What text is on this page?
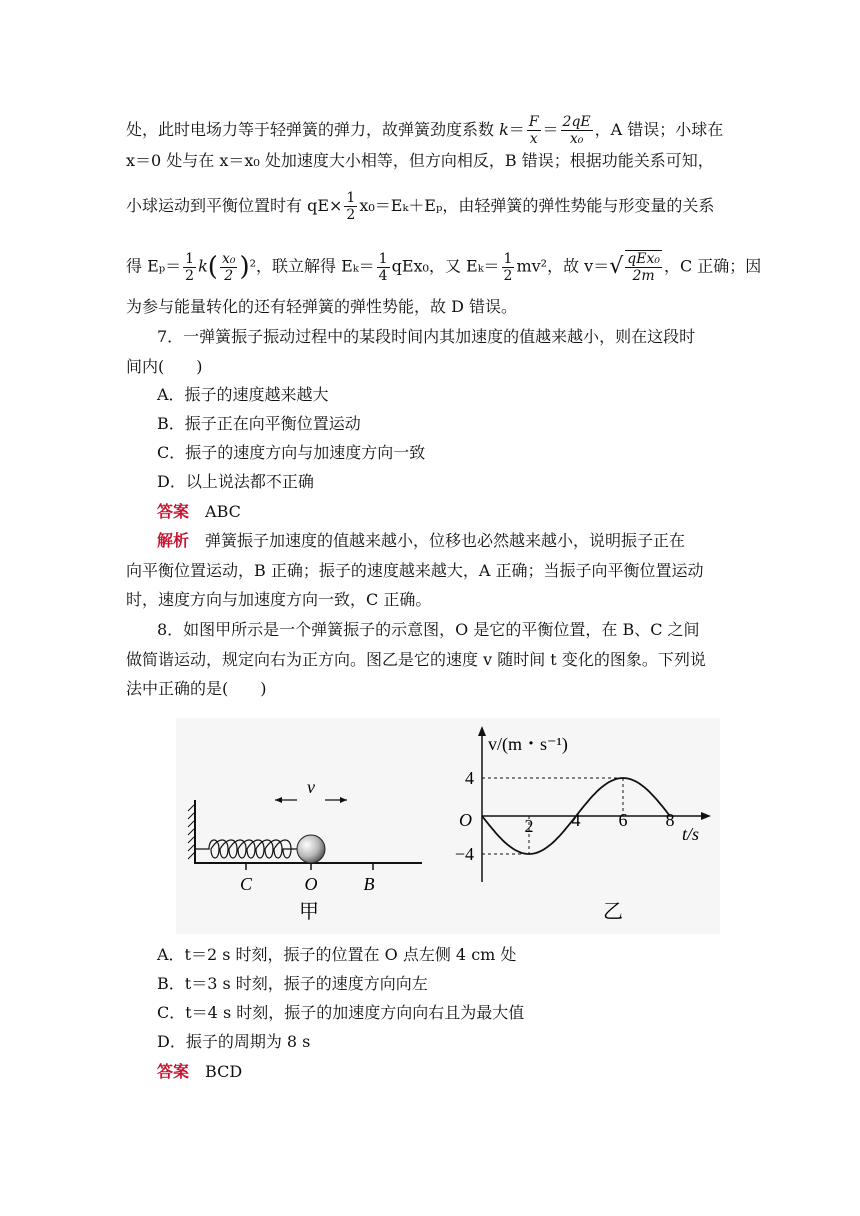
处，此时电场力等于轻弹簧的弹力，故弹簧劲度系数 $k= \frac{F}{x} = \frac{2qE}{\text{x₀}}$ ，A 错误；小球在
x＝0 处与在 x＝x₀ 处加速度大小相等，但方向相反，B 错误；根据功能关系可知，
小球运动到平衡位置时有 $qE\times \frac{1}{2} x_0=E_k+E_p$，由轻弹簧的弹性势能与形变量的关系
得 $E_p= \frac{1}{2} k( \frac{\text{x₀}}{2} )^2$，联立解得 $E_k= \frac{1}{4} qEx_0$，又 $E_k= \frac{1}{2} mv^2$，故 $v=√ \frac{\text{qEx₀}}{2m}$ ，C 正确；因
为参与能量转化的还有轻弹簧的弹性势能，故 D 错误。
7．一弹簧振子振动过程中的某段时间内其加速度的值越来越小，则在这段时
间内(　　)
A．振子的速度越来越大
B．振子正在向平衡位置运动
C．振子的速度方向与加速度方向一致
D．以上说法都不正确
答案　 ABC
解析　 弹簧振子加速度的值越来越小，位移也必然越来越小，说明振子正在
向平衡位置运动，B 正确；振子的速度越来越大，A 正确；当振子向平衡位置运动
时，速度方向与加速度方向一致，C 正确。
8．如图甲所示是一个弹簧振子的示意图，O 是它的平衡位置，在 B、C 之间
做简谐运动，规定向右为正方向。图乙是它的速度 v 随时间 t 变化的图象。下列说
法中正确的是(　　)
C	O	B
v
甲
v/(m・s⁻¹)
t/s
O
4
−4
2 4 6 8
乙
A．t＝2 s 时刻，振子的位置在 O 点左侧 4 cm 处
B．t＝3 s 时刻，振子的速度方向向左
C．t＝4 s 时刻，振子的加速度方向向右且为最大值
D．振子的周期为 8 s
答案　 BCD
